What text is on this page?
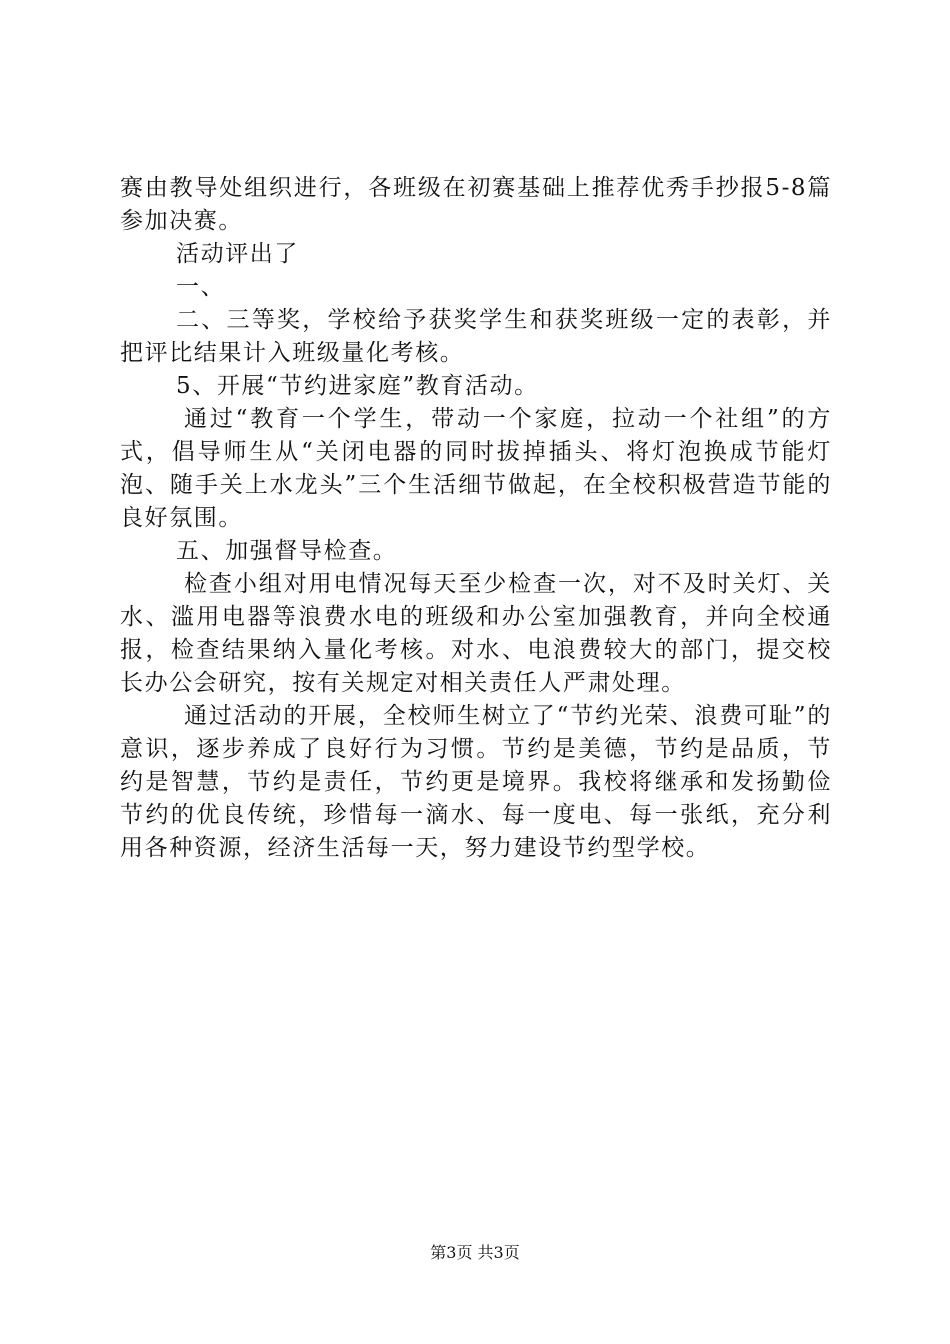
赛由教导处组织进行，各班级在初赛基础上推荐优秀手抄报5-8篇参加决赛。

活动评出了

一、

二、三等奖，学校给予获奖学生和获奖班级一定的表彰，并把评比结果计入班级量化考核。

5、开展“节约进家庭”教育活动。

通过“教育一个学生，带动一个家庭，拉动一个社组”的方式，倡导师生从“关闭电器的同时拔掉插头、将灯泡换成节能灯泡、随手关上水龙头”三个生活细节做起，在全校积极营造节能的良好氛围。

五、加强督导检查。

检查小组对用电情况每天至少检查一次，对不及时关灯、关水、滥用电器等浪费水电的班级和办公室加强教育，并向全校通报，检查结果纳入量化考核。对水、电浪费较大的部门，提交校长办公会研究，按有关规定对相关责任人严肃处理。

通过活动的开展，全校师生树立了“节约光荣、浪费可耻”的意识，逐步养成了良好行为习惯。节约是美德，节约是品质，节约是智慧，节约是责任，节约更是境界。我校将继承和发扬勤俭节约的优良传统，珍惜每一滴水、每一度电、每一张纸，充分利用各种资源，经济生活每一天，努力建设节约型学校。

第3页 共3页
